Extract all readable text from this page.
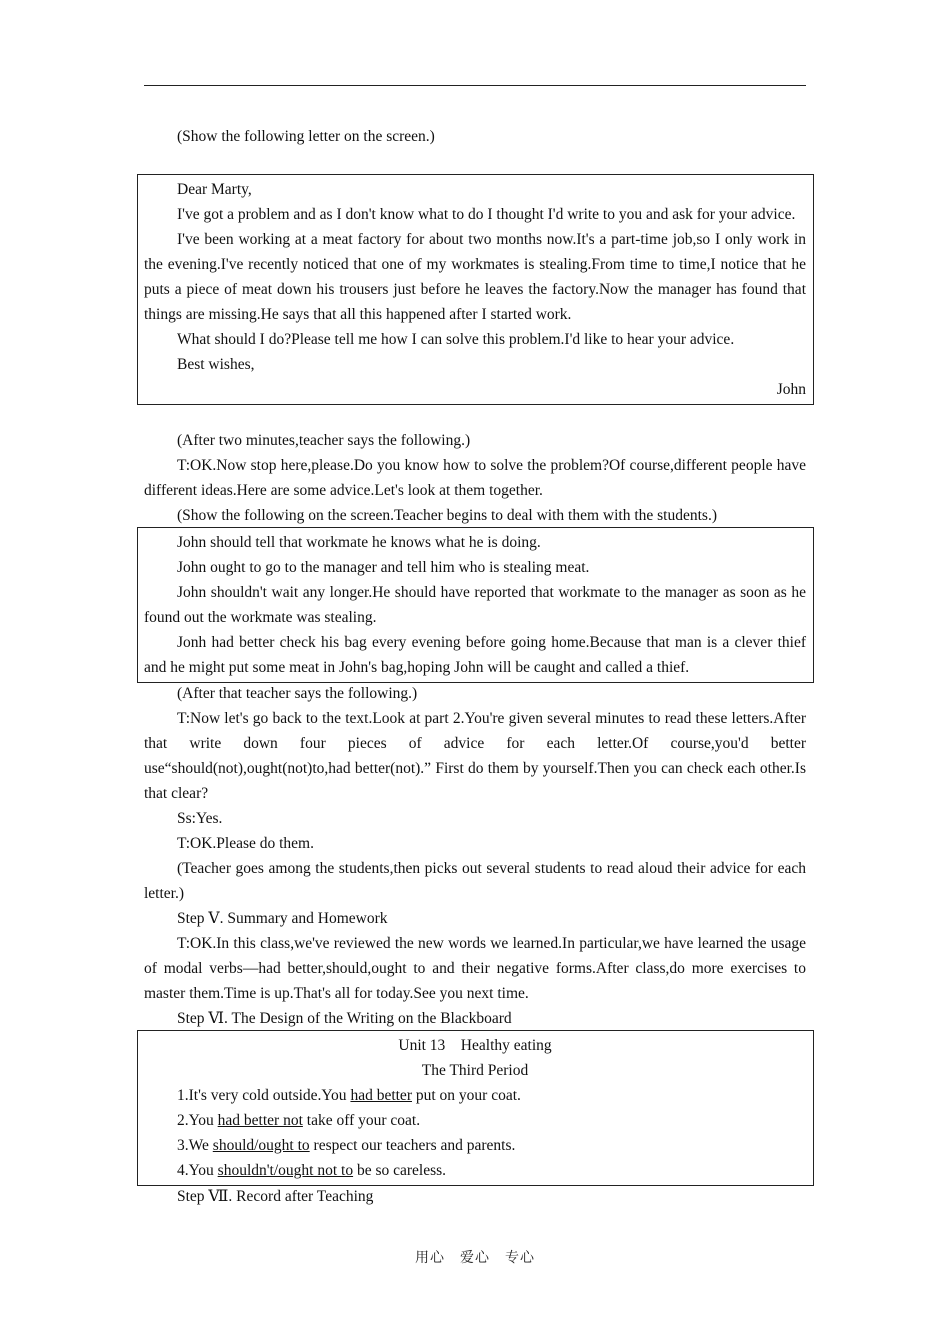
(Show the following letter on the screen.)

Dear Marty,

I've got a problem and as I don't know what to do I thought I'd write to you and ask for your advice.

I've been working at a meat factory for about two months now.It's a part-time job,so I only work in the evening.I've recently noticed that one of my workmates is stealing.From time to time,I notice that he puts a piece of meat down his trousers just before he leaves the factory.Now the manager has found that things are missing.He says that all this happened after I started work.

What should I do?Please tell me how I can solve this problem.I'd like to hear your advice.

Best wishes,

John

(After two minutes,teacher says the following.)

T:OK.Now stop here,please.Do you know how to solve the problem?Of course,different people have different ideas.Here are some advice.Let's look at them together.

(Show the following on the screen.Teacher begins to deal with them with the students.)

John should tell that workmate he knows what he is doing.

John ought to go to the manager and tell him who is stealing meat.

John shouldn't wait any longer.He should have reported that workmate to the manager as soon as he found out the workmate was stealing.

Jonh had better check his bag every evening before going home.Because that man is a clever thief and he might put some meat in John's bag,hoping John will be caught and called a thief.

(After that teacher says the following.)

T:Now let's go back to the text.Look at part 2.You're given several minutes to read these letters.After that write down four pieces of advice for each letter.Of course,you'd better use“should(not),ought(not)to,had better(not).” First do them by yourself.Then you can check each other.Is that clear?

Ss:Yes.

T:OK.Please do them.

(Teacher goes among the students,then picks out several students to read aloud their advice for each letter.)

Step Ⅴ. Summary and Homework

T:OK.In this class,we've reviewed the new words we learned.In particular,we have learned the usage of modal verbs—had better,should,ought to and their negative forms.After class,do more exercises to master them.Time is up.That's all for today.See you next time.

Step Ⅵ. The Design of the Writing on the Blackboard

Unit 13　Healthy eating

The Third Period

1.It's very cold outside.You had better put on your coat.

2.You had better not take off your coat.

3.We should/ought to respect our teachers and parents.

4.You shouldn't/ought not to be so careless.

Step Ⅶ. Record after Teaching

用心　爱心　专心
